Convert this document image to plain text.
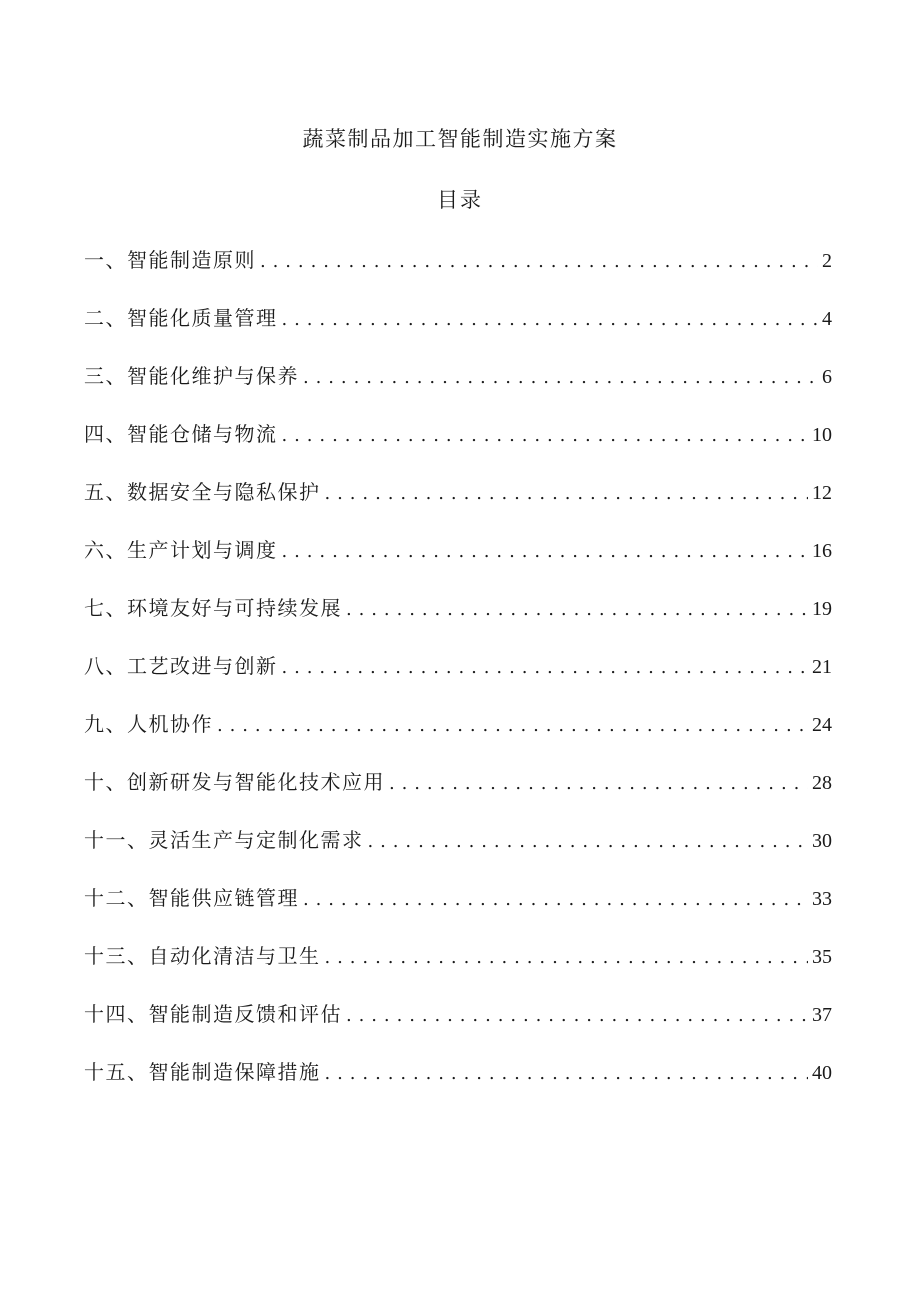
蔬菜制品加工智能制造实施方案
目录
一、智能制造原则 . . .	2
二、智能化质量管理 . . .	4
三、智能化维护与保养 . . .	6
四、智能仓储与物流 . . .	10
五、数据安全与隐私保护 . . .	12
六、生产计划与调度 . . .	16
七、环境友好与可持续发展 . . .	19
八、工艺改进与创新 . . .	21
九、人机协作 . . .	24
十、创新研发与智能化技术应用 . . .	28
十一、灵活生产与定制化需求 . . .	30
十二、智能供应链管理 . . .	33
十三、自动化清洁与卫生 . . .	35
十四、智能制造反馈和评估 . . .	37
十五、智能制造保障措施 . . .	40
